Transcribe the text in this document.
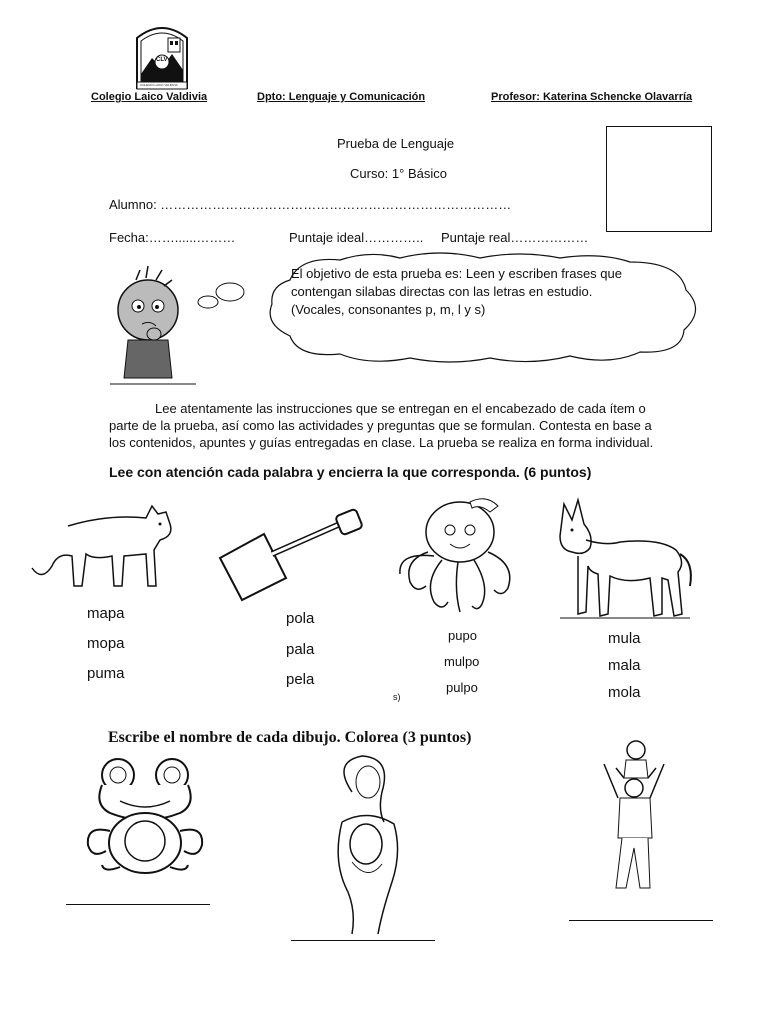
CLV
COLEGIO LAICO VALDIVIA
Colegio Laico Valdivia	Dpto: Lenguaje y Comunicación	Profesor: Katerina Schencke Olavarría
Prueba de Lenguaje
Curso: 1° Básico
Alumno: ………………………………………………………………………
Fecha:……......………	Puntaje ideal………….. Puntaje real………………
El objetivo de esta prueba es: Leen y escriben frases que
contengan silabas directas con las letras en estudio.
(Vocales, consonantes p, m, l y s)
Lee atentamente las instrucciones que se entregan en el encabezado de cada ítem o
parte de la prueba, así como las actividades y preguntas que se formulan. Contesta en base a
los contenidos, apuntes y guías entregadas en clase. La prueba se realiza en forma individual.
Lee con atención cada palabra y encierra la que corresponda. (6 puntos)
mapa
mopa
puma
pola
pala
pela
pupo
mulpo
pulpo
s)
mula
mala
mola
Escribe el nombre de cada dibujo. Colorea (3 puntos)
